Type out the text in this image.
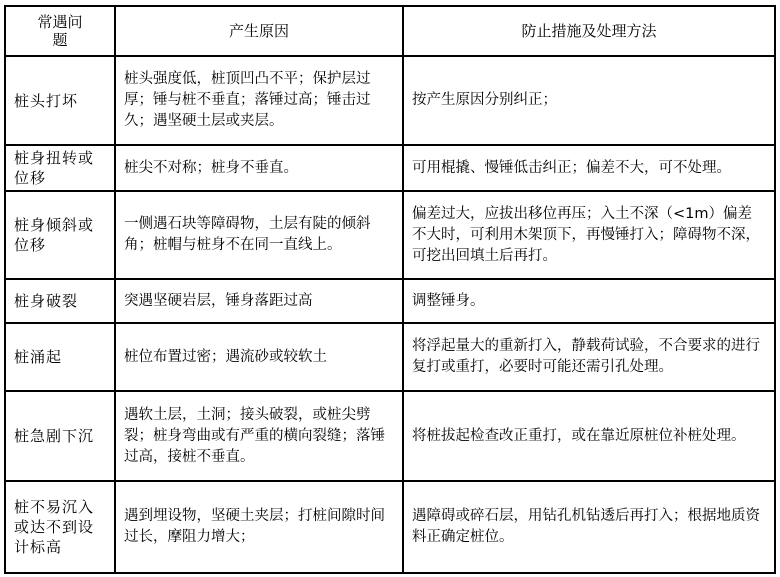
常遇问题	产生原因	防止措施及处理方法
桩头打坏	桩头强度低，桩顶凹凸不平；保护层过厚；锤与桩不垂直；落锤过高；锤击过久；遇坚硬土层或夹层。	按产生原因分别纠正；
桩身扭转或位移	桩尖不对称；桩身不垂直。	可用棍撬、慢锤低击纠正；偏差不大，可不处理。
桩身倾斜或位移	一侧遇石块等障碍物，土层有陡的倾斜角；桩帽与桩身不在同一直线上。	偏差过大，应拔出移位再压；入土不深（<1m）偏差不大时，可利用木架顶下，再慢锤打入；障碍物不深，可挖出回填土后再打。
桩身破裂	突遇坚硬岩层，锤身落距过高	调整锤身。
桩涌起	桩位布置过密；遇流砂或较软土	将浮起量大的重新打入，静载荷试验，不合要求的进行复打或重打，必要时可能还需引孔处理。
桩急剧下沉	遇软土层，土洞；接头破裂，或桩尖劈裂；桩身弯曲或有严重的横向裂缝；落锤过高，接桩不垂直。	将桩拔起检查改正重打，或在靠近原桩位补桩处理。
桩不易沉入或达不到设计标高	遇到埋设物，坚硬土夹层；打桩间隙时间过长，摩阻力增大；	遇障碍或碎石层，用钻孔机钻透后再打入；根据地质资料正确定桩位。
